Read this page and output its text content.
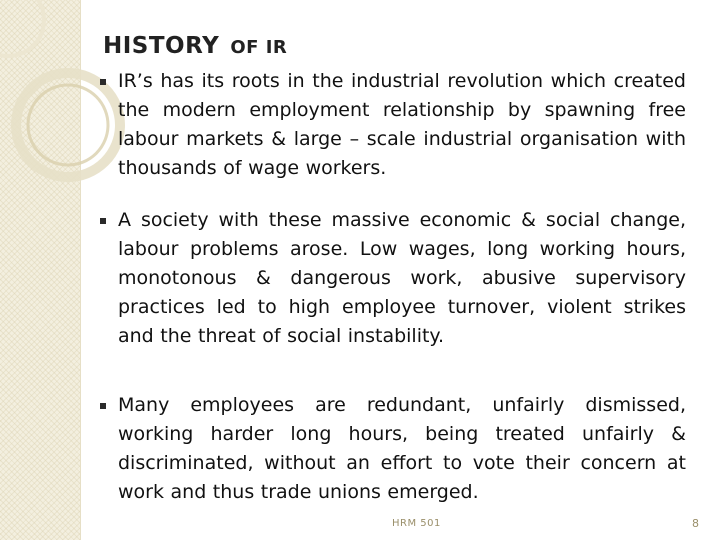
HISTORY OF IR

IR’s has its roots in the industrial revolution which created the modern employment relationship by spawning free labour markets & large – scale industrial organisation with thousands of wage workers.

A society with these massive economic & social change, labour problems arose. Low wages, long working hours, monotonous & dangerous work, abusive supervisory practices led to high employee turnover, violent strikes and the threat of social instability.

Many employees are redundant, unfairly dismissed, working harder long hours, being treated unfairly & discriminated, without an effort to vote their concern at work and thus trade unions emerged.

HRM 501	8
